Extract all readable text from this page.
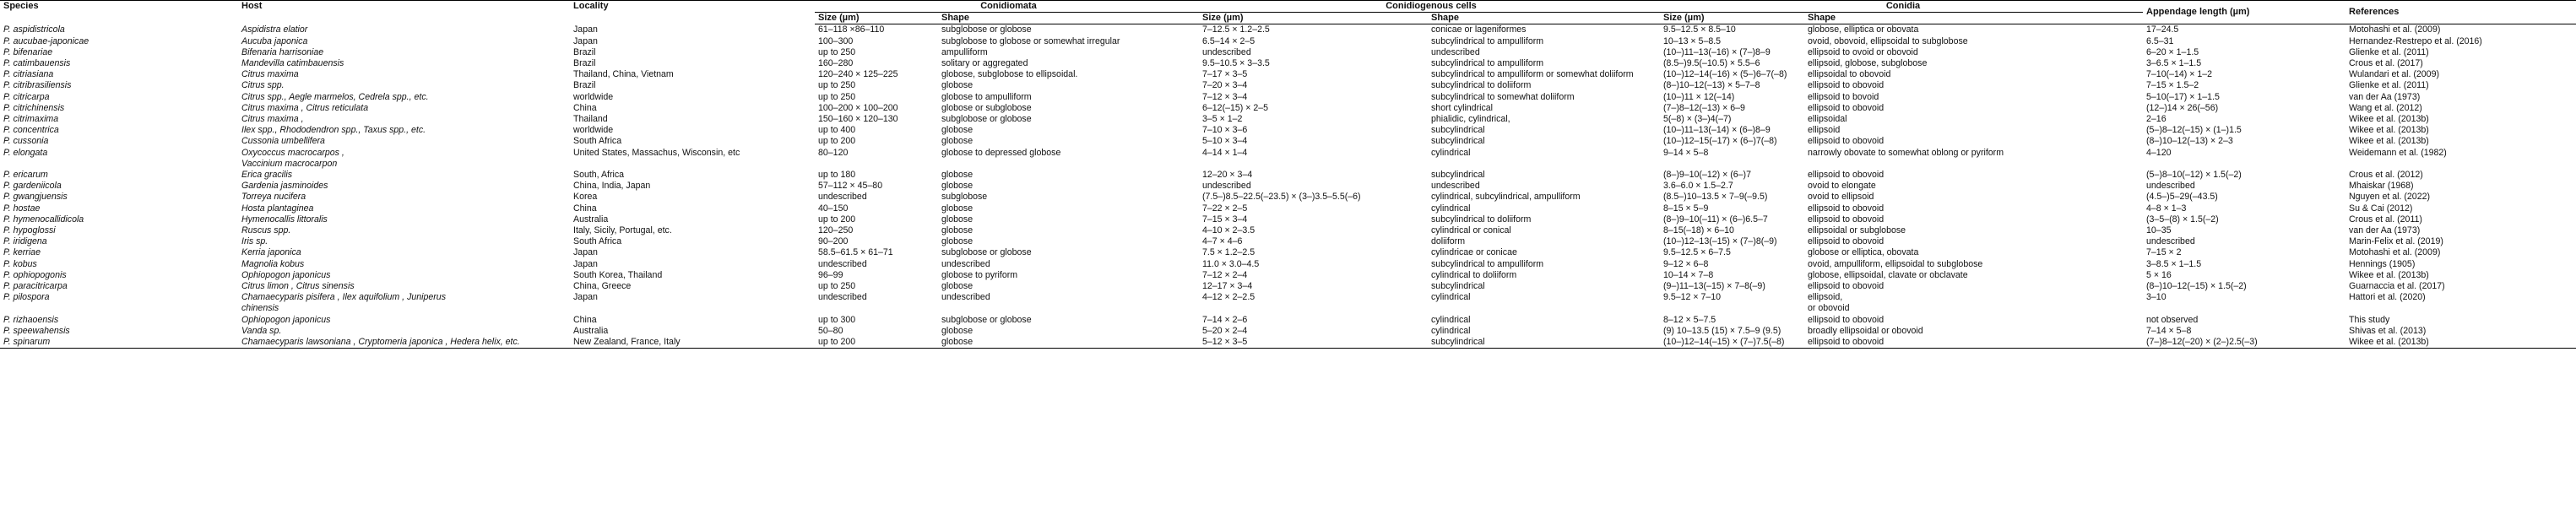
Species	Host	Locality	Conidiomata		Conidiogenous cells		Conidia		Appendage length (µm)	References
			Size (µm)	Shape	Size (µm)	Shape	Size (µm)	Shape		
P. aspidistricola	Aspidistra elatior	Japan	61–118 ×86–110	subglobose or globose	7–12.5 × 1.2–2.5	conicae or lageniformes	9.5–12.5 × 8.5–10	globose, elliptica or obovata	17–24.5	Motohashi et al. (2009)
P. aucubae-japonicae	Aucuba japonica	Japan	100–300	subglobose to globose or somewhat irregular	6.5–14 × 2–5	subcylindrical to ampulliform	10–13 × 5–8.5	ovoid, obovoid, ellipsoidal to subglobose	6.5–31	Hernandez-Restrepo et al. (2016)
P. bifenariae	Bifenaria harrisoniae	Brazil	up to 250	ampulliform	undescribed	undescribed	(10–)11–13(–16) × (7–)8–9	ellipsoid to ovoid or obovoid	6–20 × 1–1.5	Glienke et al. (2011)
P. catimbauensis	Mandevilla catimbauensis	Brazil	160–280	solitary or aggregated	9.5–10.5 × 3–3.5	subcylindrical to ampulliform	(8.5–)9.5(–10.5) × 5.5–6	ellipsoid, globose, subglobose	3–6.5 × 1–1.5	Crous et al. (2017)
P. citriasiana	Citrus maxima	Thailand, China, Vietnam	120–240 × 125–225	globose, subglobose to ellipsoidal.	7–17 × 3–5	subcylindrical to ampulliform or somewhat doliiform	(10–)12–14(–16) × (5–)6–7(–8)	ellipsoidal to obovoid	7–10(–14) × 1–2	Wulandari et al. (2009)
P. citribrasiliensis	Citrus spp.	Brazil	up to 250	globose	7–20 × 3–4	subcylindrical to doliiform	(8–)10–12(–13) × 5–7–8	ellipsoid to obovoid	7–15 × 1.5–2	Glienke et al. (2011)
P. citricarpa	Citrus spp., Aegle marmelos, Cedrela spp., etc.	worldwide	up to 250	globose to ampulliform	7–12 × 3–4	subcylindrical to somewhat doliiform	(10–)11 × 12(–14)	ellipsoid to bovoid	5–10(–17) × 1–1.5	van der Aa (1973)
P. citrichinensis	Citrus maxima , Citrus reticulata	China	100–200 × 100–200	globose or subglobose	6–12(–15) × 2–5	short cylindrical	(7–)8–12(–13) × 6–9	ellipsoid to obovoid	(12–)14 × 26(–56)	Wang et al. (2012)
P. citrimaxima	Citrus maxima ,	Thailand	150–160 × 120–130	subglobose or globose	3–5 × 1–2	phialidic, cylindrical,	5(–8) × (3–)4(–7)	ellipsoidal	2–16	Wikee et al. (2013b)
P. concentrica	Ilex spp., Rhododendron spp., Taxus spp., etc.	worldwide	up to 400	globose	7–10 × 3–6	subcylindrical	(10–)11–13(–14) × (6–)8–9	ellipsoid	(5–)8–12(–15) × (1–)1.5	Wikee et al. (2013b)
P. cussonia	Cussonia umbellifera	South Africa	up to 200	globose	5–10 × 3–4	subcylindrical	(10–)12–15(–17) × (6–)7(–8)	ellipsoid to obovoid	(8–)10–12(–13) × 2–3	Wikee et al. (2013b)
P. elongata	Oxycoccus macrocarpos ,
Vaccinium macrocarpon	United States, Massachus, Wisconsin, etc	80–120	globose to depressed globose	4–14 × 1–4	cylindrical	9–14 × 5–8	narrowly obovate to somewhat oblong or pyriform	4–120	Weidemann et al. (1982)
P. ericarum	Erica gracilis	South, Africa	up to 180	globose	12–20 × 3–4	subcylindrical	(8–)9–10(–12) × (6–)7	ellipsoid to obovoid	(5–)8–10(–12) × 1.5(–2)	Crous et al. (2012)
P. gardeniicola	Gardenia jasminoides	China, India, Japan	57–112 × 45–80	globose	undescribed	undescribed	3.6–6.0 × 1.5–2.7	ovoid to elongate	undescribed	Mhaiskar (1968)
P. gwangjuensis	Torreya nucifera	Korea	undescribed	subglobose	(7.5–)8.5–22.5(–23.5) × (3–)3.5–5.5(–6)	cylindrical, subcylindrical, ampulliform	(8.5–)10–13.5 × 7–9(–9.5)	ovoid to ellipsoid	(4.5–)5–29(–43.5)	Nguyen et al. (2022)
P. hostae	Hosta plantaginea	China	40–150	globose	7–22 × 2–5	cylindrical	8–15 × 5–9	ellipsoid to obovoid	4–8 × 1–3	Su & Cai (2012)
P. hymenocallidicola	Hymenocallis littoralis	Australia	up to 200	globose	7–15 × 3–4	subcylindrical to doliiform	(8–)9–10(–11) × (6–)6.5–7	ellipsoid to obovoid	(3–5–(8) × 1.5(–2)	Crous et al. (2011)
P. hypoglossi	Ruscus spp.	Italy, Sicily, Portugal, etc.	120–250	globose	4–10 × 2–3.5	cylindrical or conical	8–15(–18) × 6–10	ellipsoidal or subglobose	10–35	van der Aa (1973)
P. iridigena	Iris sp.	South Africa	90–200	globose	4–7 × 4–6	doliiform	(10–)12–13(–15) × (7–)8(–9)	ellipsoid to obovoid	undescribed	Marin-Felix et al. (2019)
P. kerriae	Kerria japonica	Japan	58.5–61.5 × 61–71	subglobose or globose	7.5 × 1.2–2.5	cylindricae or conicae	9.5–12.5 × 6–7.5	globose or elliptica, obovata	7–15 × 2	Motohashi et al. (2009)
P. kobus	Magnolia kobus	Japan	undescribed	undescribed	11.0 × 3.0–4.5	subcylindrical to ampulliform	9–12 × 6–8	ovoid, ampulliform, ellipsoidal to subglobose	3–8.5 × 1–1.5	Hennings (1905)
P. ophiopogonis	Ophiopogon japonicus	South Korea, Thailand	96–99	globose to pyriform	7–12 × 2–4	cylindrical to doliiform	10–14 × 7–8	globose, ellipsoidal, clavate or obclavate	5 × 16	Wikee et al. (2013b)
P. paracitricarpa	Citrus limon , Citrus sinensis	China, Greece	up to 250	globose	12–17 × 3–4	subcylindrical	(9–)11–13(–15) × 7–8(–9)	ellipsoid to obovoid	(8–)10–12(–15) × 1.5(–2)	Guarnaccia et al. (2017)
P. pilospora	Chamaecyparis pisifera , Ilex aquifolium , Juniperus
chinensis	Japan	undescribed	undescribed	4–12 × 2–2.5	cylindrical	9.5–12 × 7–10	ellipsoid,
or obovoid	3–10	Hattori et al. (2020)
P. rizhaoensis	Ophiopogon japonicus	China	up to 300	subglobose or globose	7–14 × 2–6	cylindrical	8–12 × 5–7.5	ellipsoid to obovoid	not observed	This study
P. speewahensis	Vanda sp.	Australia	50–80	globose	5–20 × 2–4	cylindrical	(9) 10–13.5 (15) × 7.5–9 (9.5)	broadly ellipsoidal or obovoid	7–14 × 5–8	Shivas et al. (2013)
P. spinarum	Chamaecyparis lawsoniana , Cryptomeria japonica , Hedera helix, etc.	New Zealand, France, Italy	up to 200	globose	5–12 × 3–5	subcylindrical	(10–)12–14(–15) × (7–)7.5(–8)	ellipsoid to obovoid	(7–)8–12(–20) × (2–)2.5(–3)	Wikee et al. (2013b)
